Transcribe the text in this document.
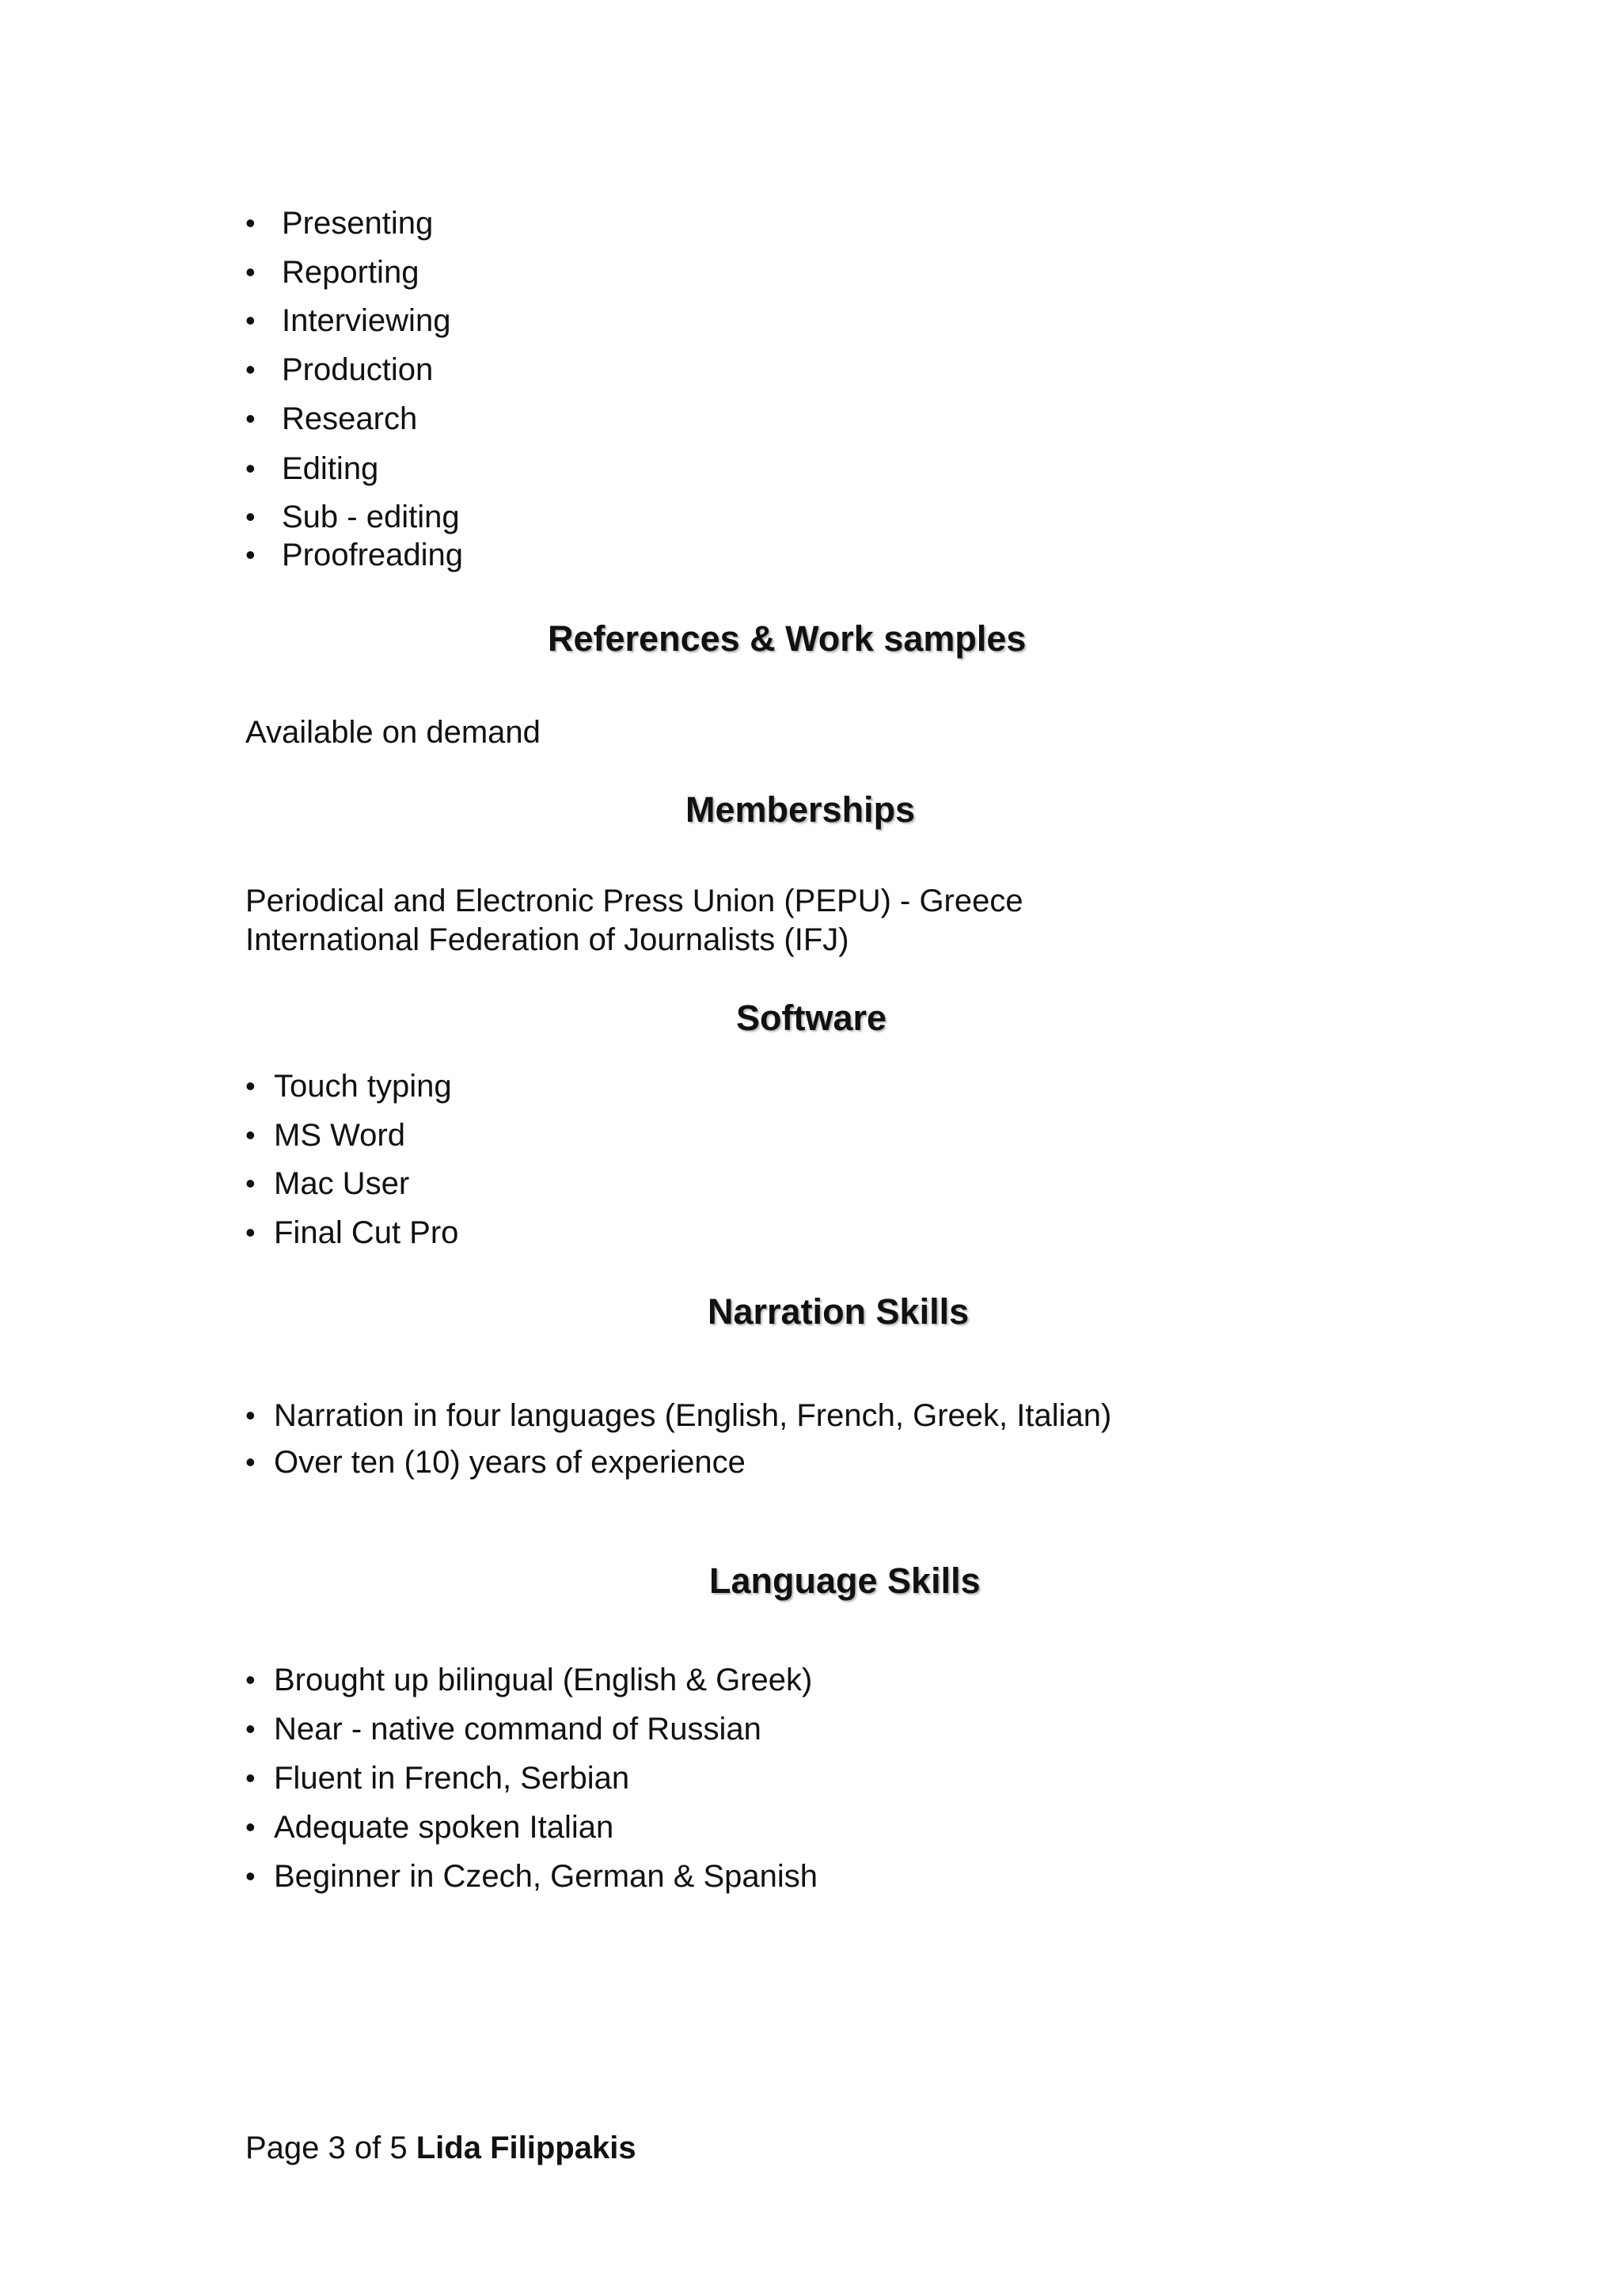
• Presenting
• Reporting
• Interviewing
• Production
• Research
• Editing
• Sub - editing
• Proofreading
References & Work samples
Available on demand
Memberships
Periodical and Electronic Press Union (PEPU) - Greece
International Federation of Journalists (IFJ)
Software
• Touch typing
• MS Word
• Mac User
• Final Cut Pro
Narration Skills
• Narration in four languages (English, French, Greek, Italian)
• Over ten (10) years of experience
Language Skills
• Brought up bilingual (English & Greek)
• Near - native command of Russian
• Fluent in French, Serbian
• Adequate spoken Italian
• Beginner in Czech, German & Spanish
Page 3 of 5 Lida Filippakis
